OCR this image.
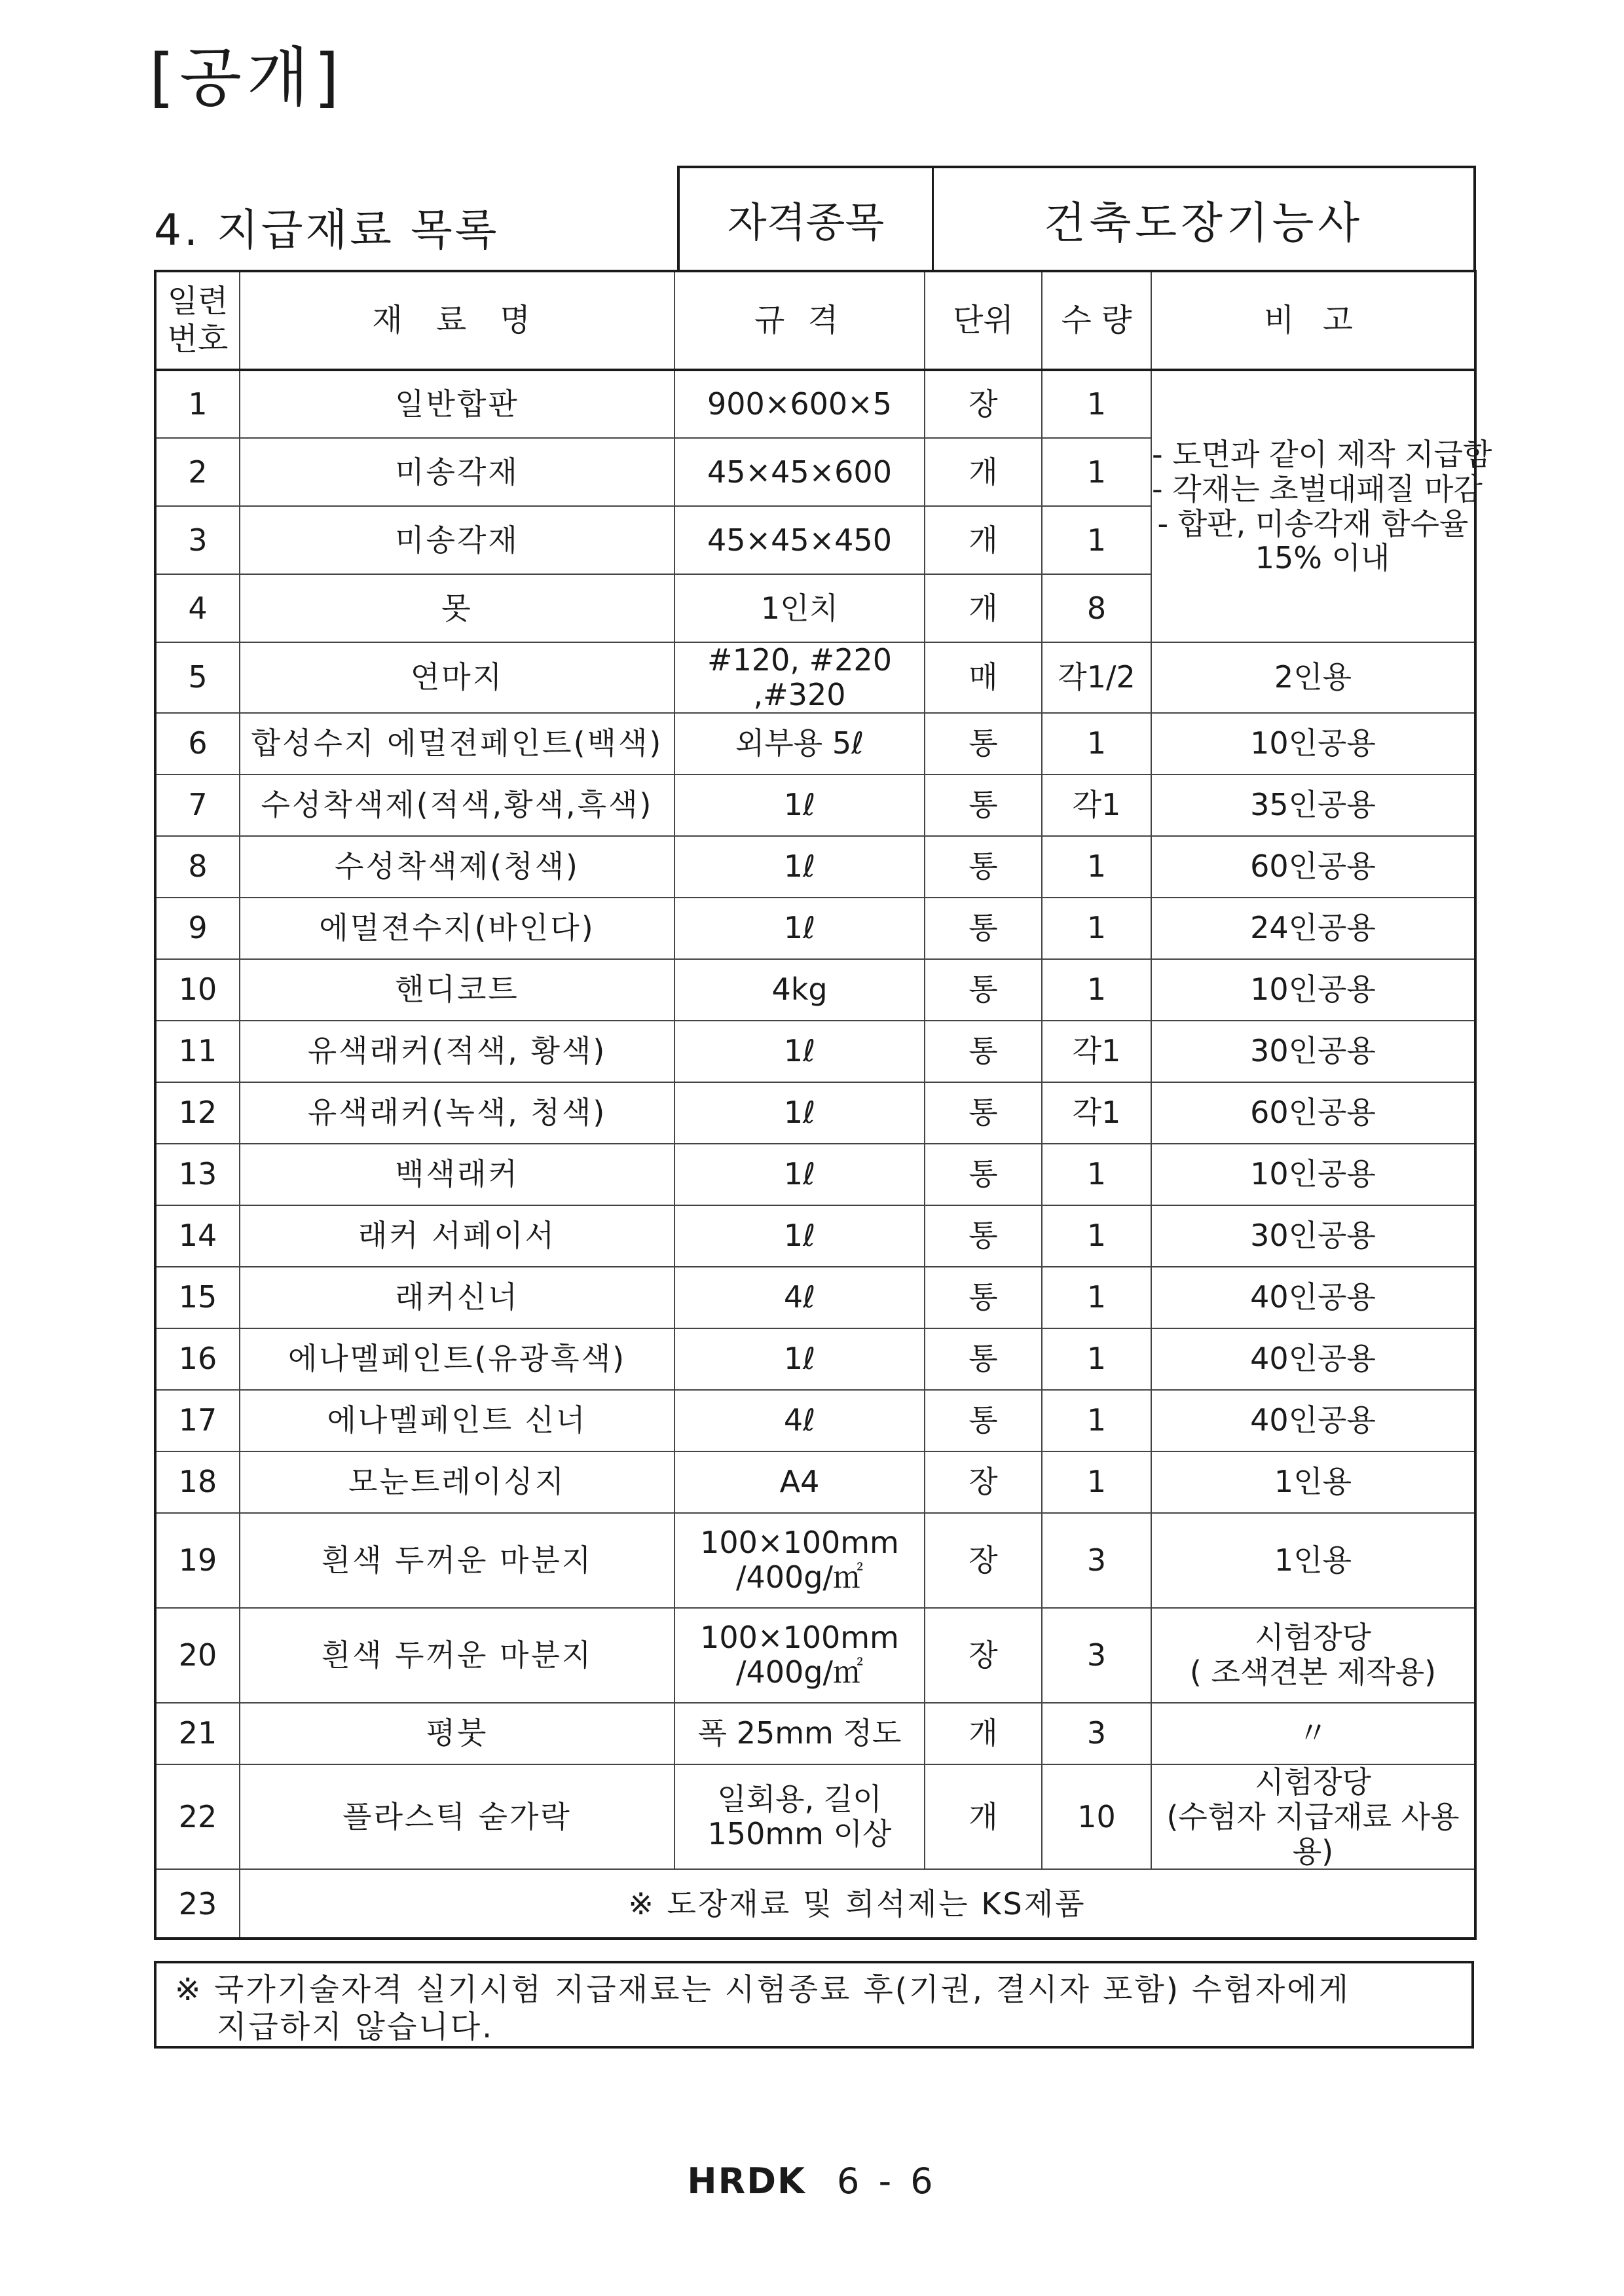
[공개]
4. 지급재료 목록	자격종목	건축도장기능사
일련
번호	재 료 명	규 격	단위	수 량	비 고
1	일반합판	900×600×5	장	1	- 도면과 같이 제작 지급함
- 각재는 초벌대패질 마감
- 합판, 미송각재 함수율
15% 이내

2	미송각재	45×45×600	개	1	
3	미송각재	45×45×450	개	1	
4	못	1인치	개	8	
5	연마지	#120, #220 ,#320	매	각1/2	2인용
6	합성수지 에멀젼페인트(백색)	외부용 5ℓ	통	1	10인공용
7	수성착색제(적색,황색,흑색)	1ℓ	통	각1	35인공용
8	수성착색제(청색)	1ℓ	통	1	60인공용
9	에멀젼수지(바인다)	1ℓ	통	1	24인공용
10	핸디코트	4kg	통	1	10인공용
11	유색래커(적색, 황색)	1ℓ	통	각1	30인공용
12	유색래커(녹색, 청색)	1ℓ	통	각1	60인공용
13	백색래커	1ℓ	통	1	10인공용
14	래커 서페이서	1ℓ	통	1	30인공용
15	래커신너	4ℓ	통	1	40인공용
16	에나멜페인트(유광흑색)	1ℓ	통	1	40인공용
17	에나멜페인트 신너	4ℓ	통	1	40인공용
18	모눈트레이싱지	A4	장	1	1인용
19	흰색 두꺼운 마분지	100×100mm
/400g/㎡	장	3	1인용
20	흰색 두꺼운 마분지	100×100mm
/400g/㎡	장	3	시험장당
( 조색견본 제작용)
21	평붓	폭 25mm 정도	개	3	〃
22	플라스틱 숟가락	일회용, 길이
150mm 이상	개	10	시험장당
(수험자 지급재료 사용용)
23	※ 도장재료 및 희석제는 KS제품				
※ 국가기술자격 실기시험 지급재료는 시험종료 후(기권, 결시자 포함) 수험자에게
지급하지 않습니다.
HRDK 6 - 6
